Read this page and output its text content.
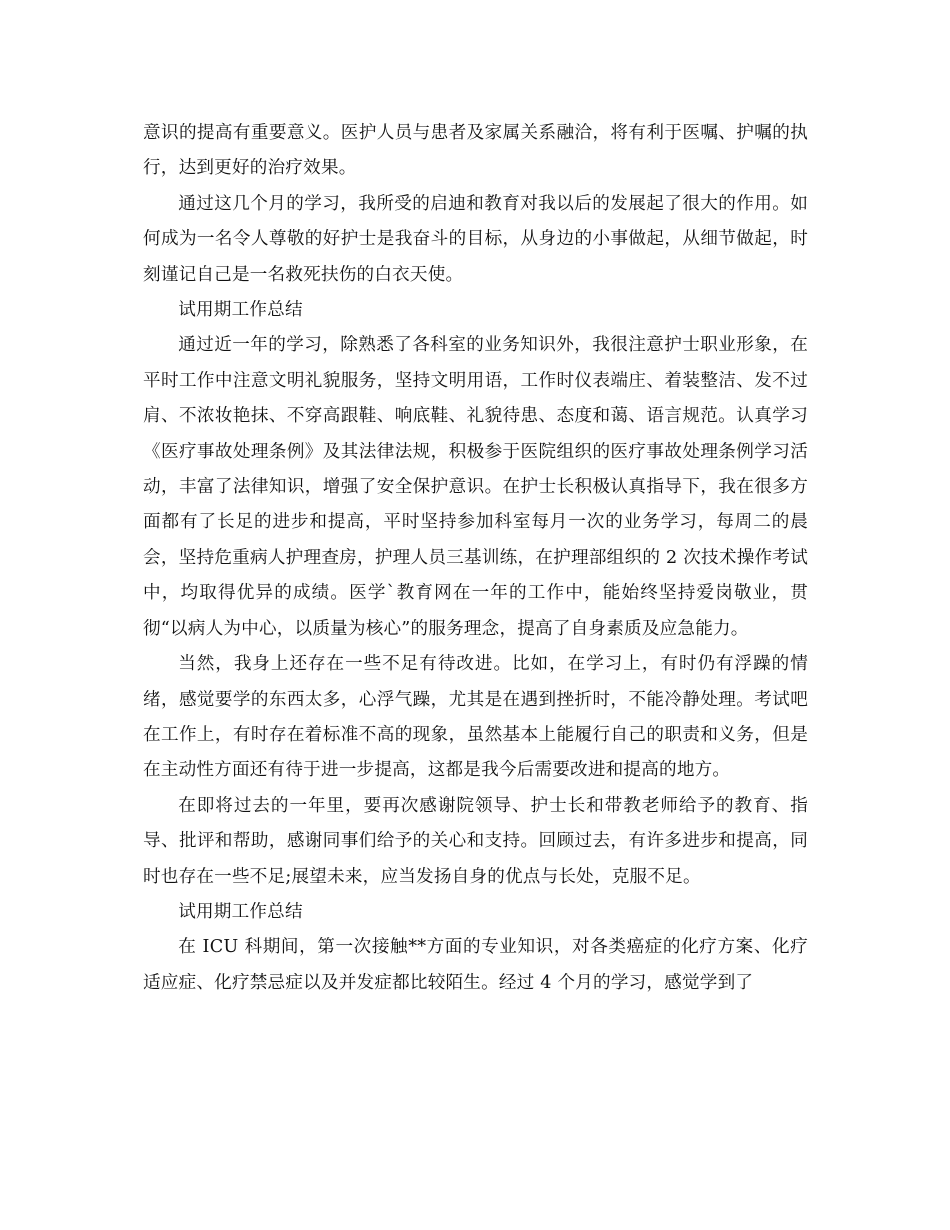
意识的提高有重要意义。医护人员与患者及家属关系融洽，将有利于医嘱、护嘱的执行，达到更好的治疗效果。

通过这几个月的学习，我所受的启迪和教育对我以后的发展起了很大的作用。如何成为一名令人尊敬的好护士是我奋斗的目标，从身边的小事做起，从细节做起，时刻谨记自己是一名救死扶伤的白衣天使。

试用期工作总结

通过近一年的学习，除熟悉了各科室的业务知识外，我很注意护士职业形象，在平时工作中注意文明礼貌服务，坚持文明用语，工作时仪表端庄、着装整洁、发不过肩、不浓妆艳抹、不穿高跟鞋、响底鞋、礼貌待患、态度和蔼、语言规范。认真学习《医疗事故处理条例》及其法律法规，积极参于医院组织的医疗事故处理条例学习活动，丰富了法律知识，增强了安全保护意识。在护士长积极认真指导下，我在很多方面都有了长足的进步和提高，平时坚持参加科室每月一次的业务学习，每周二的晨会，坚持危重病人护理查房，护理人员三基训练，在护理部组织的 2 次技术操作考试中，均取得优异的成绩。医学`教育网在一年的工作中，能始终坚持爱岗敬业，贯彻“以病人为中心，以质量为核心”的服务理念，提高了自身素质及应急能力。

当然，我身上还存在一些不足有待改进。比如，在学习上，有时仍有浮躁的情绪，感觉要学的东西太多，心浮气躁，尤其是在遇到挫折时，不能冷静处理。考试吧在工作上，有时存在着标准不高的现象，虽然基本上能履行自己的职责和义务，但是在主动性方面还有待于进一步提高，这都是我今后需要改进和提高的地方。

在即将过去的一年里，要再次感谢院领导、护士长和带教老师给予的教育、指导、批评和帮助，感谢同事们给予的关心和支持。回顾过去，有许多进步和提高，同时也存在一些不足;展望未来，应当发扬自身的优点与长处，克服不足。

试用期工作总结

在 ICU 科期间，第一次接触**方面的专业知识，对各类癌症的化疗方案、化疗适应症、化疗禁忌症以及并发症都比较陌生。经过 4 个月的学习，感觉学到了
